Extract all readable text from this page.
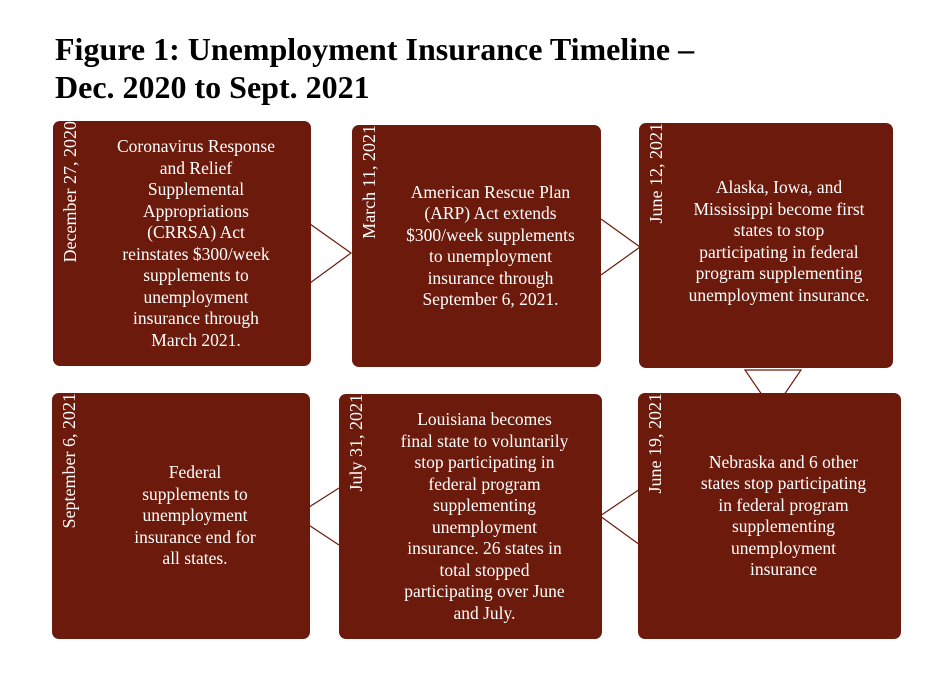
Figure 1: Unemployment Insurance Timeline –
Dec. 2020 to Sept. 2021
December 27, 2020 Coronavirus Response
and Relief
Supplemental
Appropriations
(CRRSA) Act
reinstates $300/week
supplements to
unemployment
insurance through
March 2021.
March 11, 2021 American Rescue Plan
(ARP) Act extends
$300/week supplements
to unemployment
insurance through
September 6, 2021.
June 12, 2021	Alaska, Iowa, and
Mississippi become first
states to stop
participating in federal
program supplementing
unemployment insurance.
June 19, 2021	Nebraska and 6 other
states stop participating
in federal program
supplementing
unemployment
insurance
July 31, 2021	Louisiana becomes
final state to voluntarily
stop participating in
federal program
supplementing
unemployment
insurance. 26 states in
total stopped
participating over June
and July.
September 6, 2021	Federal
supplements to
unemployment
insurance end for
all states.
